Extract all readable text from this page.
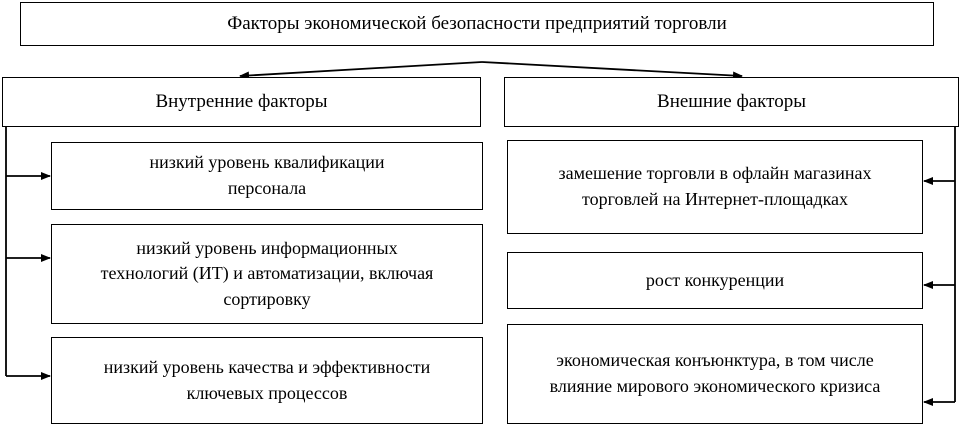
Факторы экономической безопасности предприятий торговли
Внутренние факторы	Внешние факторы
низкий уровень квалификации персонала
низкий уровень информационных технологий (ИТ) и автоматизации, включая сортировку
низкий уровень качества и эффективности ключевых процессов
замешение торговли в офлайн магазинах торговлей на Интернет-площадках
рост конкуренции
экономическая конъюнктура, в том числе влияние мирового экономического кризиса
